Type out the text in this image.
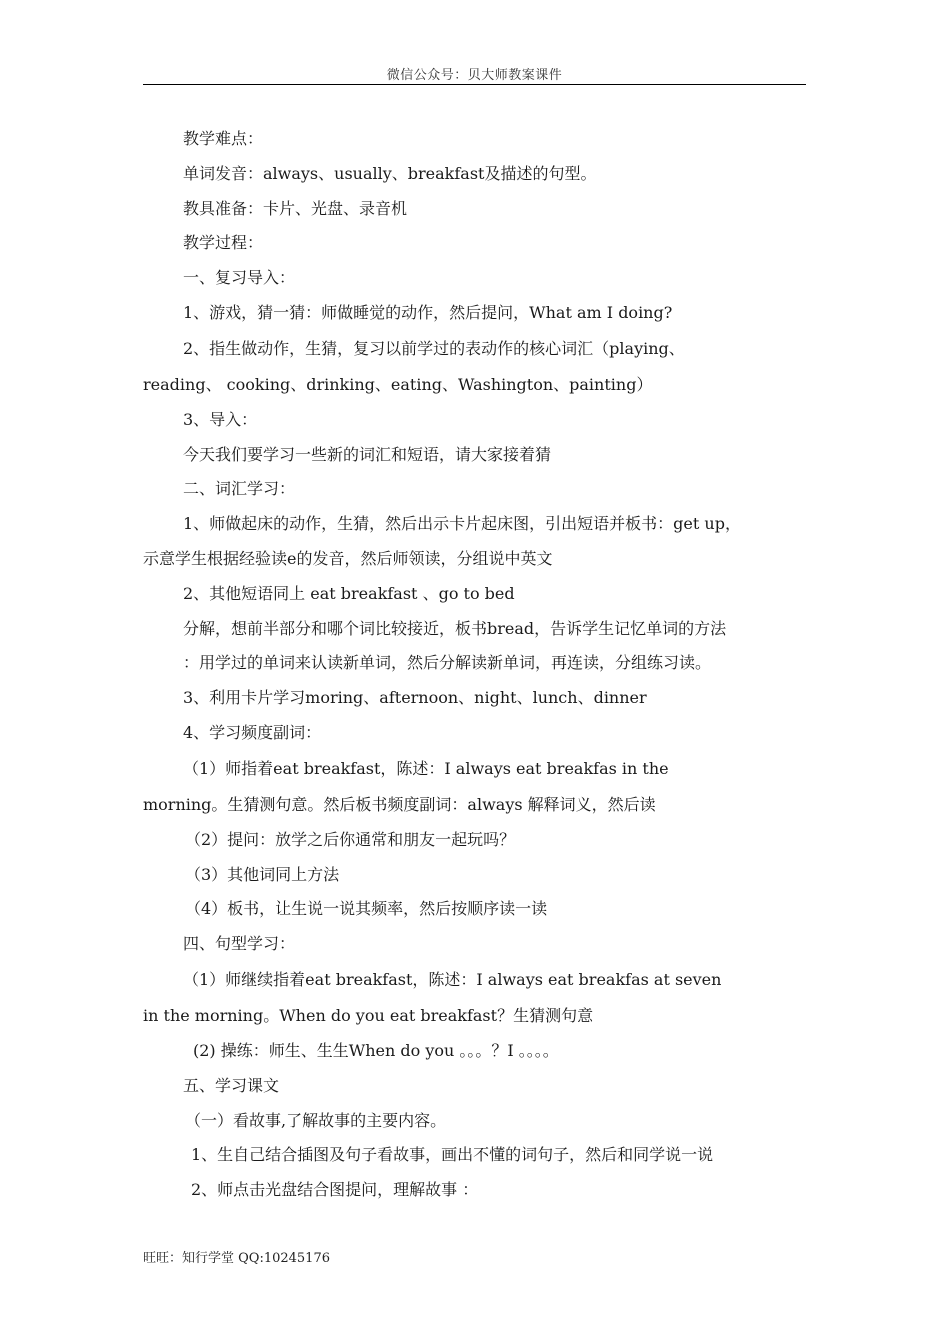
微信公众号：贝大师教案课件

教学难点：

单词发音：always、usually、breakfast及描述的句型。

教具准备：卡片、光盘、录音机

教学过程：

一、复习导入：

1、游戏，猜一猜：师做睡觉的动作，然后提问，What am I doing?

2、指生做动作，生猜，复习以前学过的表动作的核心词汇（playing、

reading、 cooking、drinking、eating、Washington、painting）

3、导入：

今天我们要学习一些新的词汇和短语，请大家接着猜

二、词汇学习：

1、师做起床的动作，生猜，然后出示卡片起床图，引出短语并板书：get up，

示意学生根据经验读e的发音，然后师领读，分组说中英文

2、其他短语同上 eat breakfast 、go to bed

分解，想前半部分和哪个词比较接近，板书bread，告诉学生记忆单词的方法

：用学过的单词来认读新单词，然后分解读新单词，再连读，分组练习读。

3、利用卡片学习moring、afternoon、night、lunch、dinner

4、学习频度副词：

（1）师指着eat breakfast，陈述：I always eat breakfas in the

morning。生猜测句意。然后板书频度副词：always 解释词义，然后读

（2）提问：放学之后你通常和朋友一起玩吗？

（3）其他词同上方法

（4）板书，让生说一说其频率，然后按顺序读一读

四、句型学习：

（1）师继续指着eat breakfast，陈述：I always eat breakfas at seven

in the morning。When do you eat breakfast？生猜测句意

(2) 操练：师生、生生When do you 。。。？I 。。。。

五、学习课文

（一）看故事,了解故事的主要内容。

1、生自己结合插图及句子看故事，画出不懂的词句子，然后和同学说一说

2、师点击光盘结合图提问，理解故事 ：

旺旺：知行学堂 QQ:10245176
